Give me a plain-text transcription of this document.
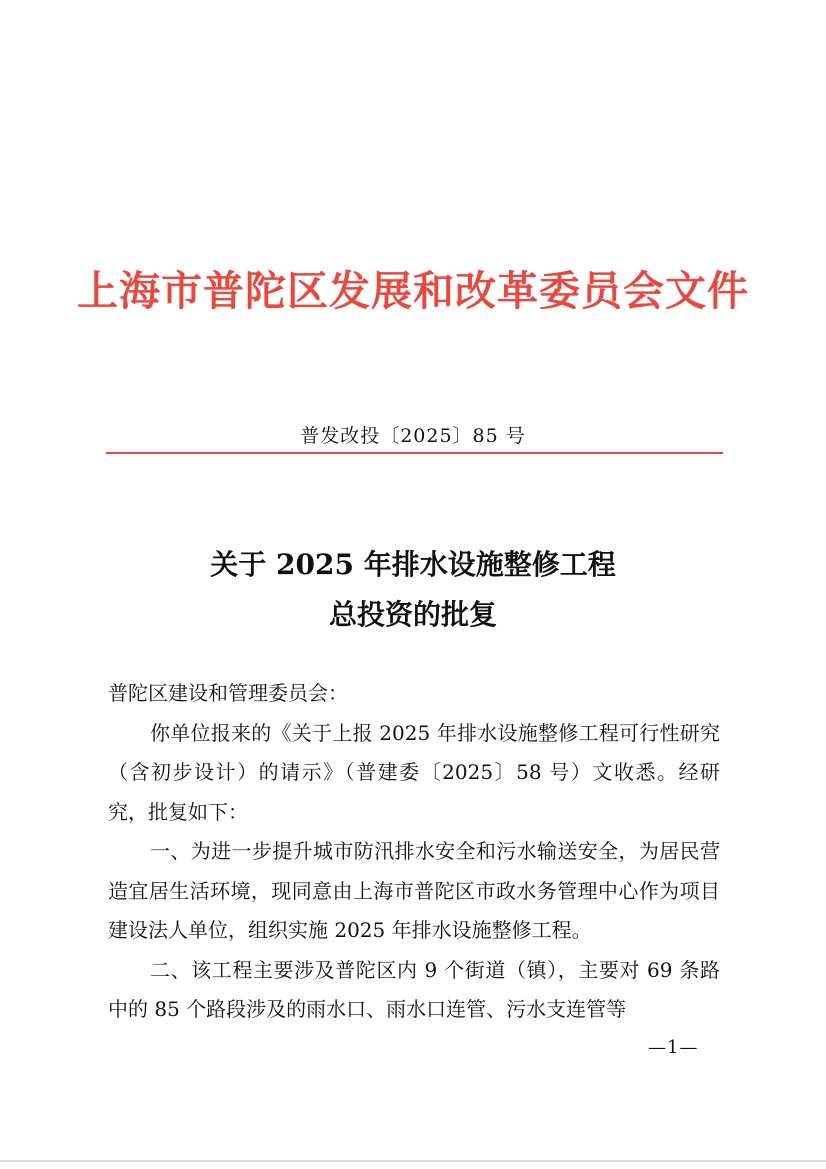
上海市普陀区发展和改革委员会文件
普发改投〔2025〕85 号
关于 2025 年排水设施整修工程
总投资的批复

普陀区建设和管理委员会：

你单位报来的《关于上报 2025 年排水设施整修工程可行性研究（含初步设计）的请示》（普建委〔2025〕58 号）文收悉。经研究，批复如下：

一、为进一步提升城市防汛排水安全和污水输送安全，为居民营造宜居生活环境，现同意由上海市普陀区市政水务管理中心作为项目建设法人单位，组织实施 2025 年排水设施整修工程。

二、该工程主要涉及普陀区内 9 个街道（镇），主要对 69 条路中的 85 个路段涉及的雨水口、雨水口连管、污水支连管等

—1—
